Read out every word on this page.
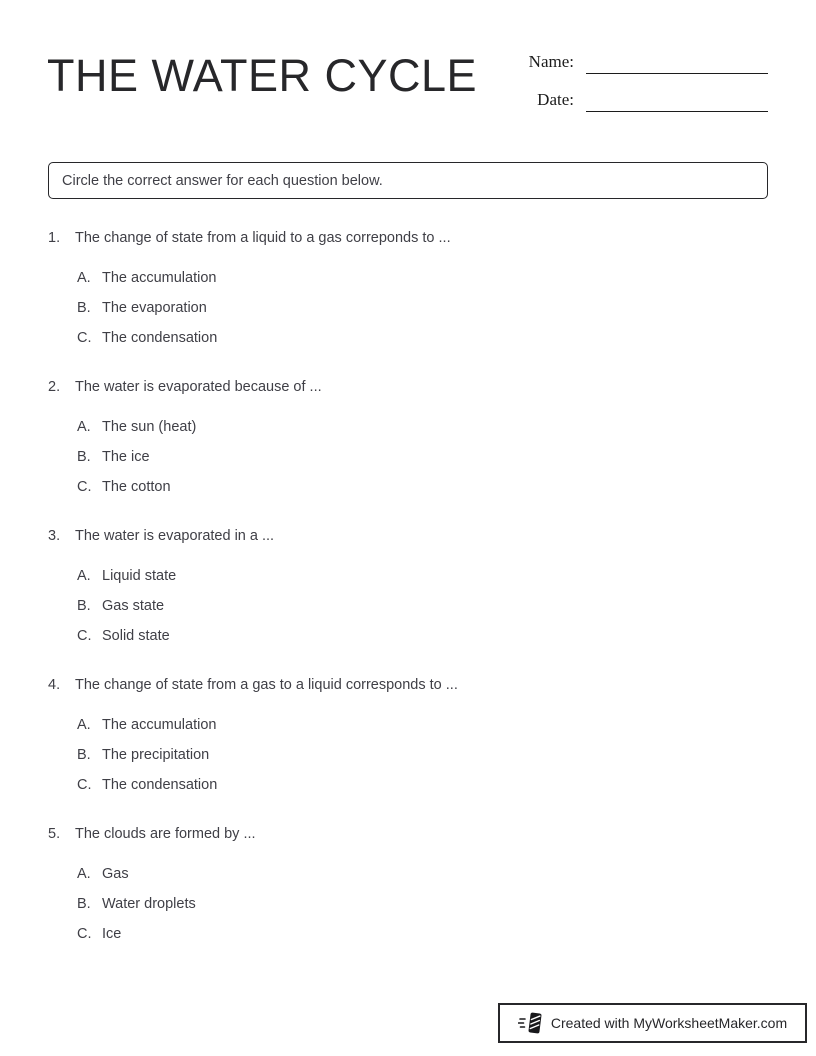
THE WATER CYCLE	Name:
Date:
Circle the correct answer for each question below.
1.	The change of state from a liquid to a gas correponds to ...
A. The accumulation
B. The evaporation
C. The condensation
2.	The water is evaporated because of ...
A. The sun (heat)
B. The ice
C. The cotton
3.	The water is evaporated in a ...
A. Liquid state
B. Gas state
C. Solid state
4.	The change of state from a gas to a liquid corresponds to ...
A. The accumulation
B. The precipitation
C. The condensation
5.	The clouds are formed by ...
A. Gas
B. Water droplets
C. Ice
Created with MyWorksheetMaker.com
